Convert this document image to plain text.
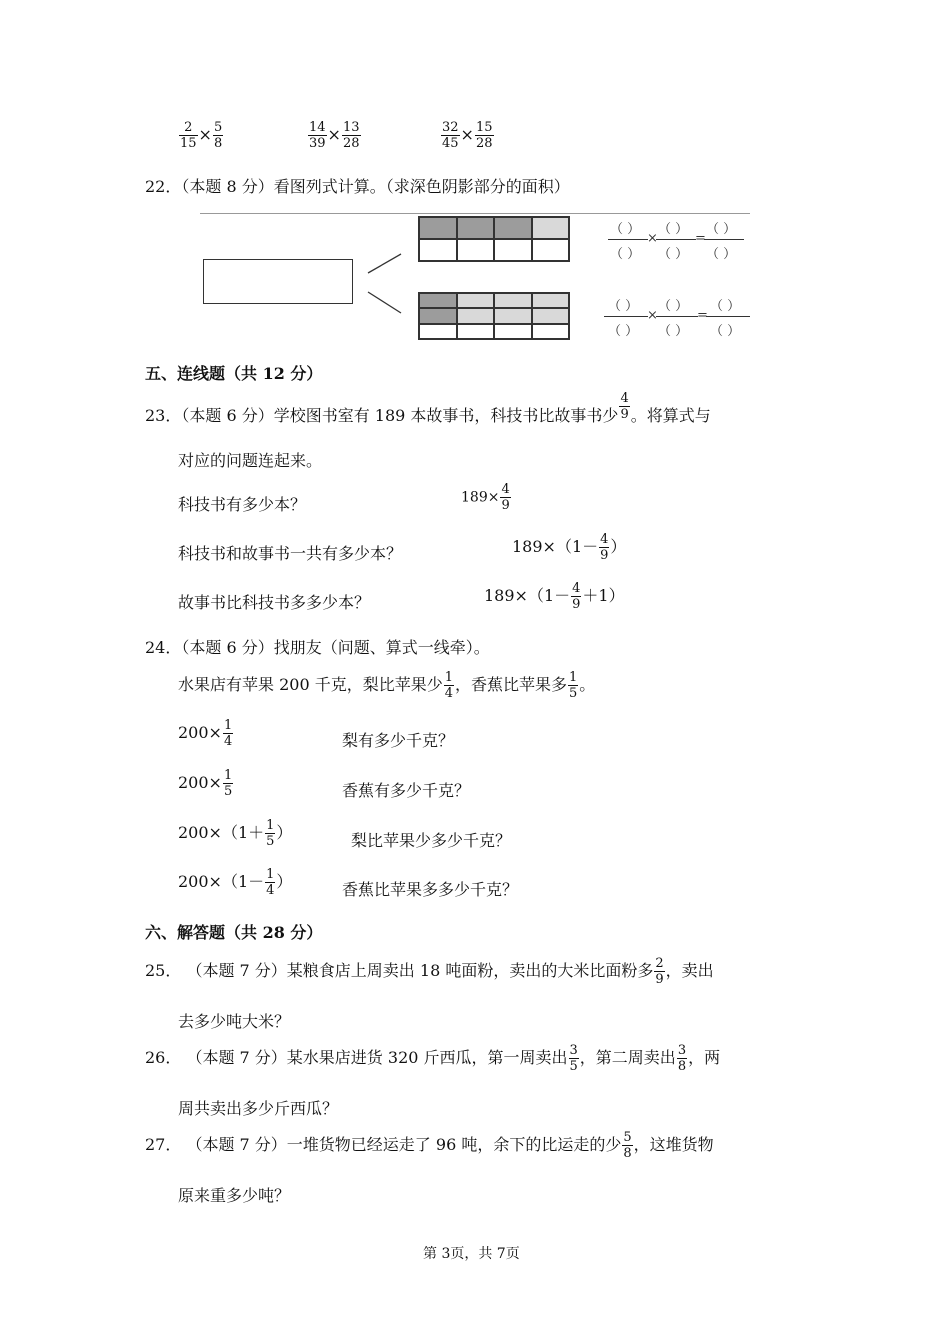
$\frac{2}{15} \times \frac{5}{8}$	$\frac{14}{39} \times \frac{13}{28}$	$\frac{32}{45} \times \frac{15}{28}$
22．（本题 8 分）看图列式计算。（求深色阴影部分的面积）
（ ） （ ） （ ）
×	=
（ ） （ ） （ ）
（ ） （ ） （ ）
×	=
（ ） （ ） （ ）
五、连线题（共 12 分）
23．（本题 6 分）学校图书室有 189 本故事书，科技书比故事书少 $\frac{4}{9}$ 。将算式与
对应的问题连起来。
科技书有多少本？
科技书和故事书一共有多少本？
故事书比科技书多多少本？
$189\times \frac{4}{9}$
$189\times(1- \frac{4}{9}$ ）
$189\times(1- \frac{4}{9} +1)$
24．（本题 6 分）找朋友（问题、算式一线牵）。
水果店有苹果 200 千克，梨比苹果少 $\frac{1}{4}$ ，香蕉比苹果多 $\frac{1}{5}$ 。
$200\times \frac{1}{4}$
$200\times \frac{1}{5}$
$200\times(1+ \frac{1}{5}$ ）
$200\times(1- \frac{1}{4}$ ）
梨有多少千克？
香蕉有多少千克？
梨比苹果少多少千克？
香蕉比苹果多多少千克？
六、解答题（共 28 分）
25． （本题 7 分）某粮食店上周卖出 18 吨面粉，卖出的大米比面粉多 $\frac{2}{9}$ ，卖出
去多少吨大米？
26． （本题 7 分）某水果店进货 320 斤西瓜，第一周卖出 $\frac{3}{5}$ ，第二周卖出 $\frac{3}{8}$ ，两
周共卖出多少斤西瓜？
27． （本题 7 分）一堆货物已经运走了 96 吨，余下的比运走的少 $\frac{5}{8}$ ，这堆货物
原来重多少吨？
第 3页，共 7页
